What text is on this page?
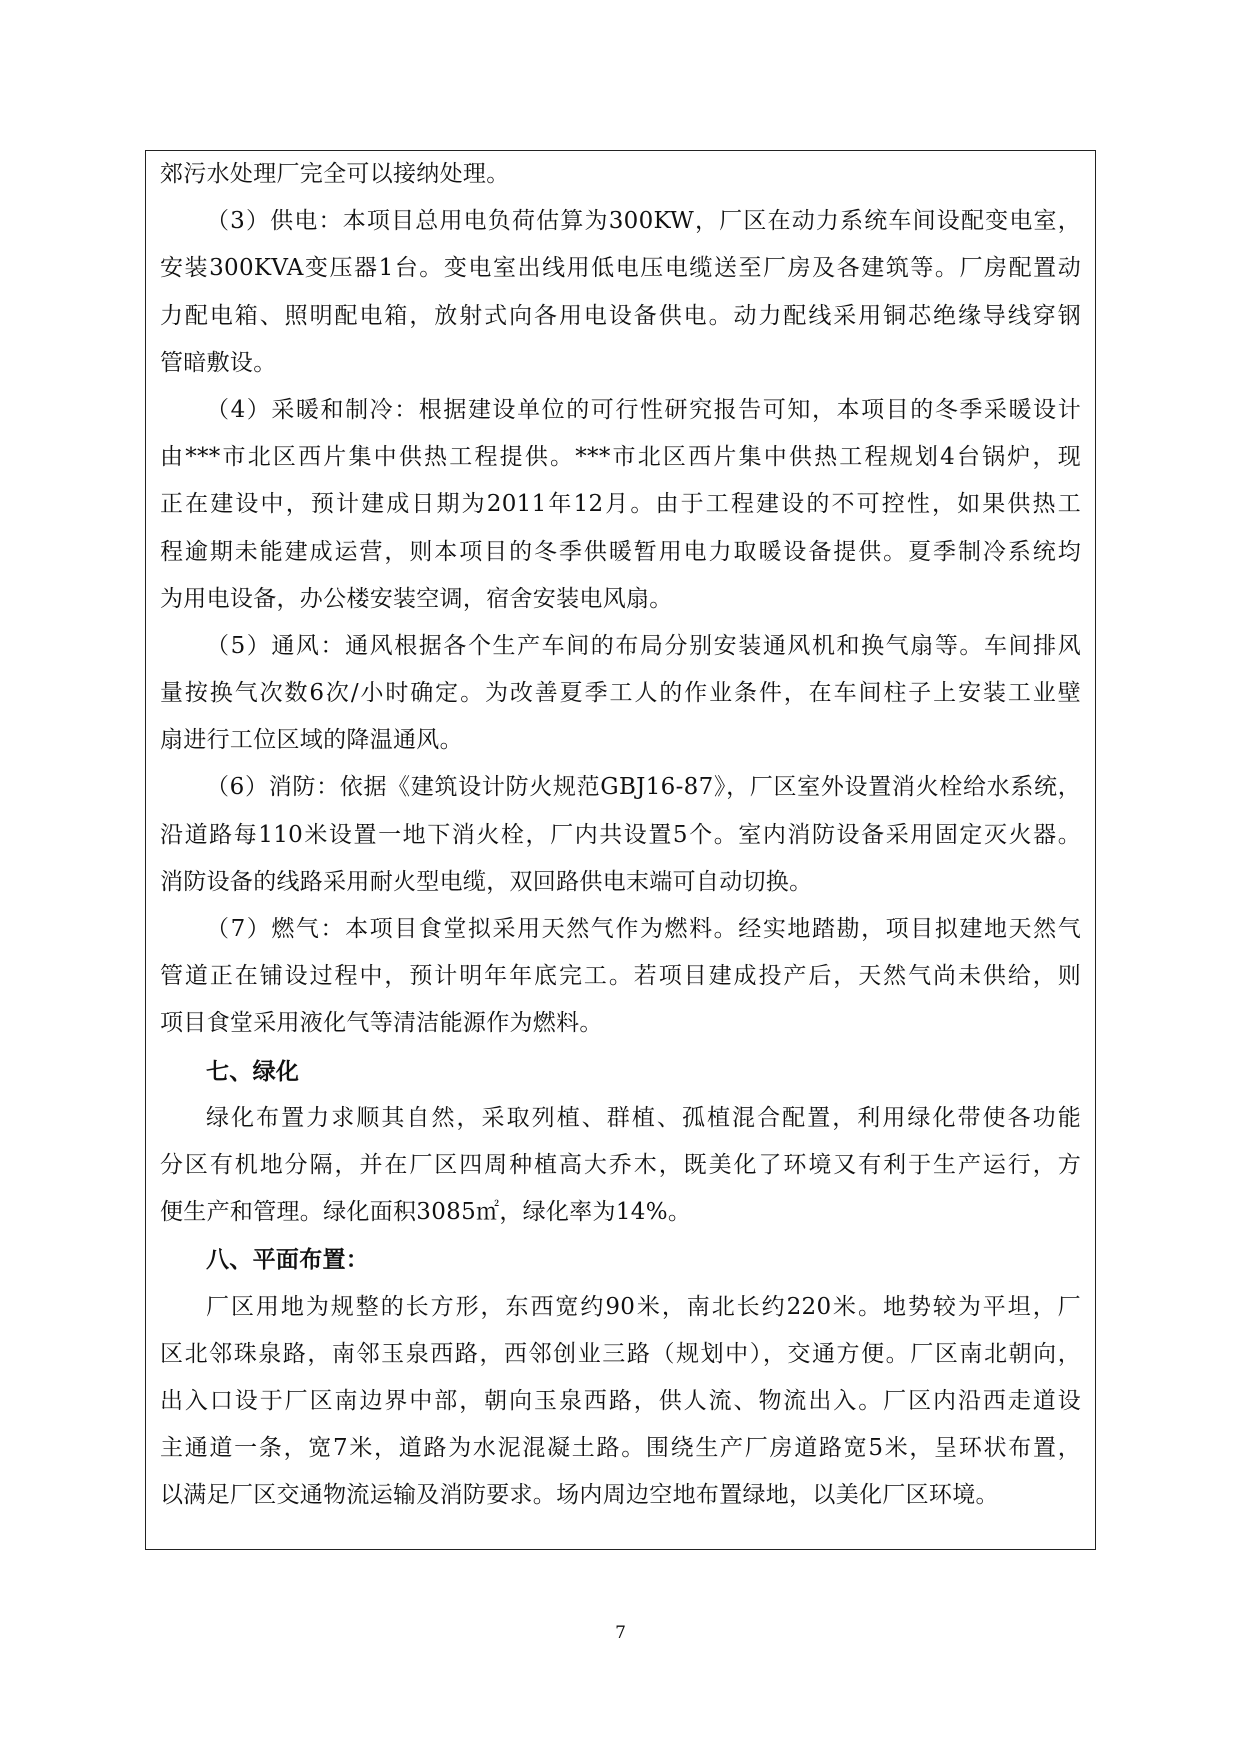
郊污水处理厂完全可以接纳处理。
（3）供电：本项目总用电负荷估算为300KW，厂区在动力系统车间设配变电室，
安装300KVA变压器1台。变电室出线用低电压电缆送至厂房及各建筑等。厂房配置动
力配电箱、照明配电箱，放射式向各用电设备供电。动力配线采用铜芯绝缘导线穿钢
管暗敷设。
（4）采暖和制冷：根据建设单位的可行性研究报告可知，本项目的冬季采暖设计
由***市北区西片集中供热工程提供。***市北区西片集中供热工程规划4台锅炉，现
正在建设中，预计建成日期为2011年12月。由于工程建设的不可控性，如果供热工
程逾期未能建成运营，则本项目的冬季供暖暂用电力取暖设备提供。夏季制冷系统均
为用电设备，办公楼安装空调，宿舍安装电风扇。
（5）通风：通风根据各个生产车间的布局分别安装通风机和换气扇等。车间排风
量按换气次数6次/小时确定。为改善夏季工人的作业条件，在车间柱子上安装工业壁
扇进行工位区域的降温通风。
（6）消防：依据《建筑设计防火规范GBJ16-87》，厂区室外设置消火栓给水系统，
沿道路每110米设置一地下消火栓，厂内共设置5个。室内消防设备采用固定灭火器。
消防设备的线路采用耐火型电缆，双回路供电末端可自动切换。
（7）燃气：本项目食堂拟采用天然气作为燃料。经实地踏勘，项目拟建地天然气
管道正在铺设过程中，预计明年年底完工。若项目建成投产后，天然气尚未供给，则
项目食堂采用液化气等清洁能源作为燃料。
七、绿化
绿化布置力求顺其自然，采取列植、群植、孤植混合配置，利用绿化带使各功能
分区有机地分隔，并在厂区四周种植高大乔木，既美化了环境又有利于生产运行，方
便生产和管理。绿化面积3085㎡，绿化率为14%。
八、平面布置：
厂区用地为规整的长方形，东西宽约90米，南北长约220米。地势较为平坦，厂
区北邻珠泉路，南邻玉泉西路，西邻创业三路（规划中），交通方便。厂区南北朝向，
出入口设于厂区南边界中部，朝向玉泉西路，供人流、物流出入。厂区内沿西走道设
主通道一条，宽7米，道路为水泥混凝土路。围绕生产厂房道路宽5米，呈环状布置，
以满足厂区交通物流运输及消防要求。场内周边空地布置绿地，以美化厂区环境。
7
